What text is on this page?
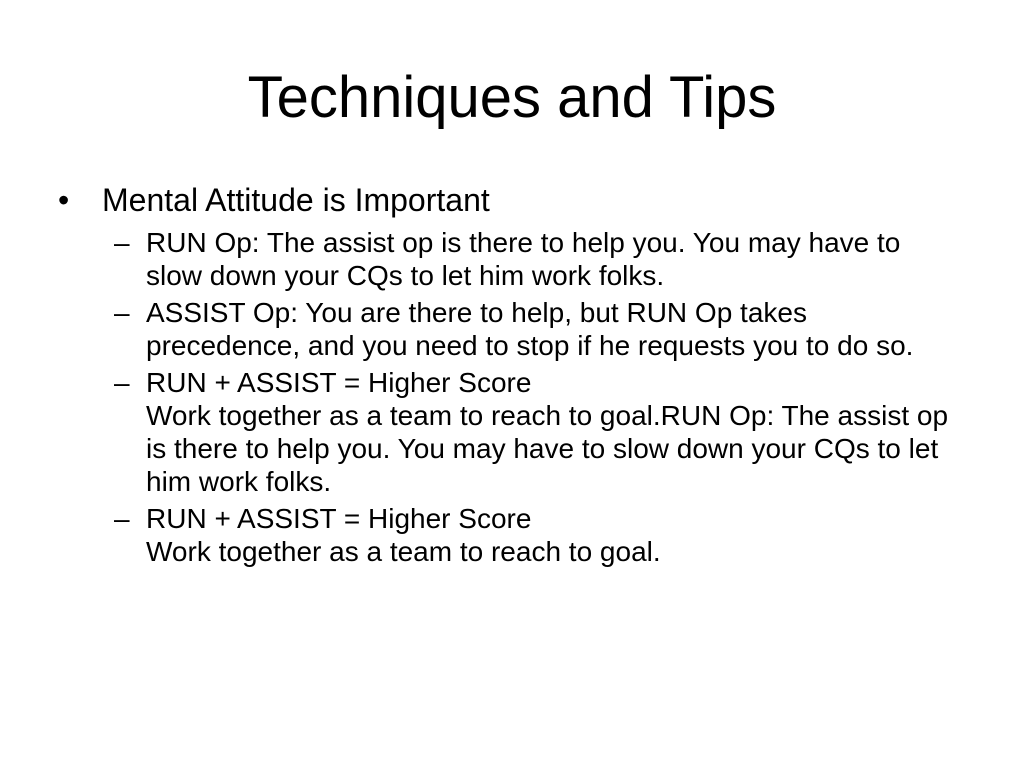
Techniques and Tips
• Mental Attitude is Important
– RUN Op: The assist op is there to help you. You may have to slow down your CQs to let him work folks.
– ASSIST Op: You are there to help, but RUN Op takes precedence, and you need to stop if he requests you to do so.
– RUN + ASSIST = Higher Score
Work together as a team to reach to goal.RUN Op: The assist op is there to help you. You may have to slow down your CQs to let him work folks.
– RUN + ASSIST = Higher Score
Work together as a team to reach to goal.
